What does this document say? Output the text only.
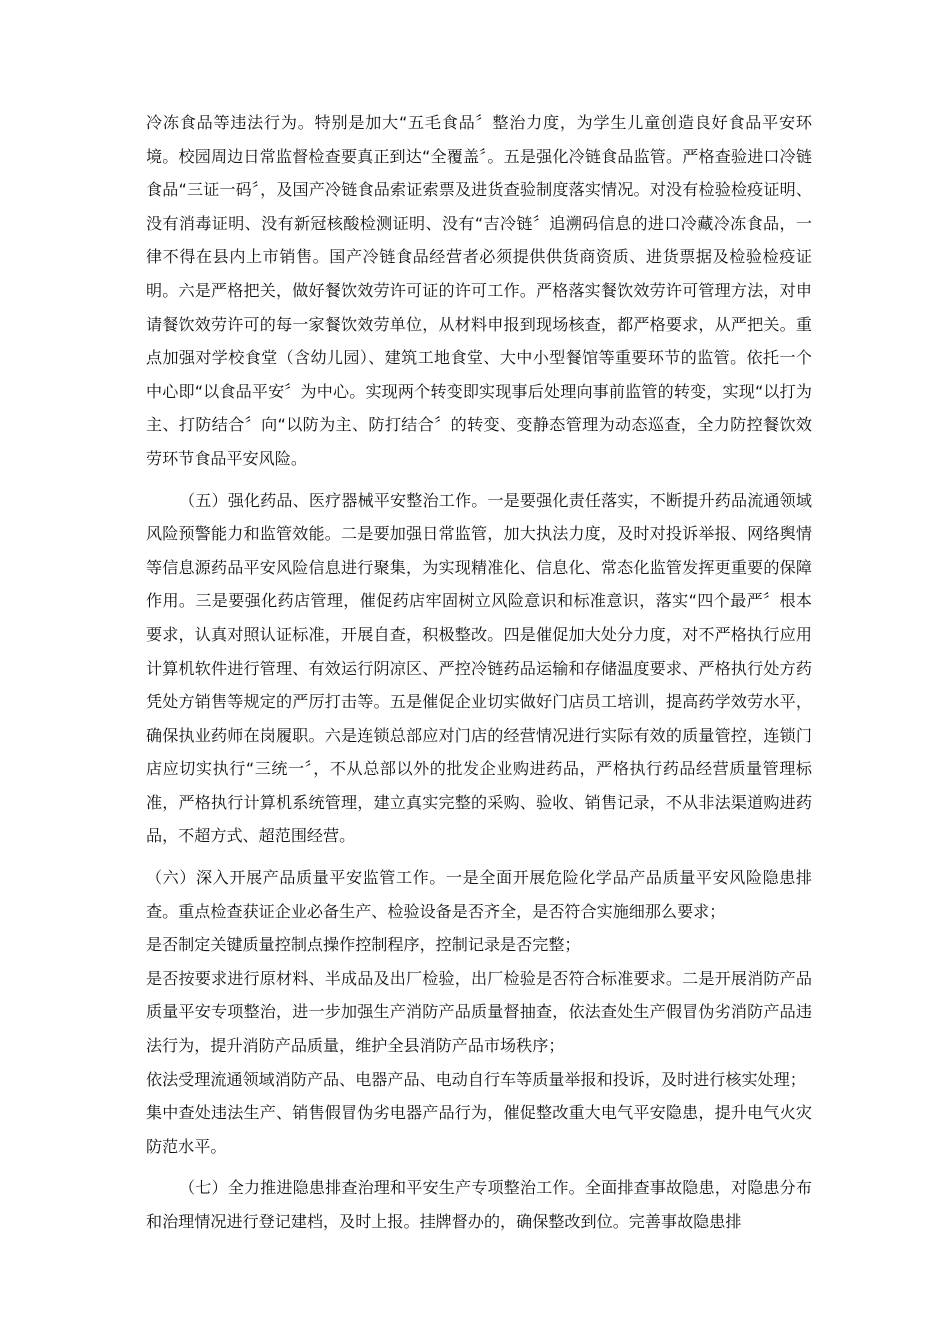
冷冻食品等违法行为。特别是加大“五毛食品〞整治力度，为学生儿童创造良好食品平安环境。校园周边日常监督检查要真正到达“全覆盖〞。五是强化冷链食品监管。严格查验进口冷链食品“三证一码〞，及国产冷链食品索证索票及进货查验制度落实情况。对没有检验检疫证明、没有消毒证明、没有新冠核酸检测证明、没有“吉冷链〞追溯码信息的进口冷藏冷冻食品，一律不得在县内上市销售。国产冷链食品经营者必须提供供货商资质、进货票据及检验检疫证明。六是严格把关，做好餐饮效劳许可证的许可工作。严格落实餐饮效劳许可管理方法，对申请餐饮效劳许可的每一家餐饮效劳单位，从材料申报到现场核查，都严格要求，从严把关。重点加强对学校食堂（含幼儿园）、建筑工地食堂、大中小型餐馆等重要环节的监管。依托一个中心即“以食品平安〞为中心。实现两个转变即实现事后处理向事前监管的转变，实现“以打为主、打防结合〞向“以防为主、防打结合〞的转变、变静态管理为动态巡查，全力防控餐饮效劳环节食品平安风险。

（五）强化药品、医疗器械平安整治工作。一是要强化责任落实，不断提升药品流通领域风险预警能力和监管效能。二是要加强日常监管，加大执法力度，及时对投诉举报、网络舆情等信息源药品平安风险信息进行聚集，为实现精准化、信息化、常态化监管发挥更重要的保障作用。三是要强化药店管理，催促药店牢固树立风险意识和标准意识，落实“四个最严〞根本要求，认真对照认证标准，开展自查，积极整改。四是催促加大处分力度，对不严格执行应用计算机软件进行管理、有效运行阴凉区、严控冷链药品运输和存储温度要求、严格执行处方药凭处方销售等规定的严厉打击等。五是催促企业切实做好门店员工培训，提高药学效劳水平，确保执业药师在岗履职。六是连锁总部应对门店的经营情况进行实际有效的质量管控，连锁门店应切实执行“三统一〞，不从总部以外的批发企业购进药品，严格执行药品经营质量管理标准，严格执行计算机系统管理，建立真实完整的采购、验收、销售记录，不从非法渠道购进药品，不超方式、超范围经营。

（六）深入开展产品质量平安监管工作。一是全面开展危险化学品产品质量平安风险隐患排查。重点检查获证企业必备生产、检验设备是否齐全，是否符合实施细那么要求；

是否制定关键质量控制点操作控制程序，控制记录是否完整；

是否按要求进行原材料、半成品及出厂检验，出厂检验是否符合标准要求。二是开展消防产品质量平安专项整治，进一步加强生产消防产品质量督抽查，依法查处生产假冒伪劣消防产品违法行为，提升消防产品质量，维护全县消防产品市场秩序；

依法受理流通领域消防产品、电器产品、电动自行车等质量举报和投诉，及时进行核实处理；

集中查处违法生产、销售假冒伪劣电器产品行为，催促整改重大电气平安隐患，提升电气火灾防范水平。

（七）全力推进隐患排查治理和平安生产专项整治工作。全面排查事故隐患，对隐患分布和治理情况进行登记建档，及时上报。挂牌督办的，确保整改到位。完善事故隐患排
